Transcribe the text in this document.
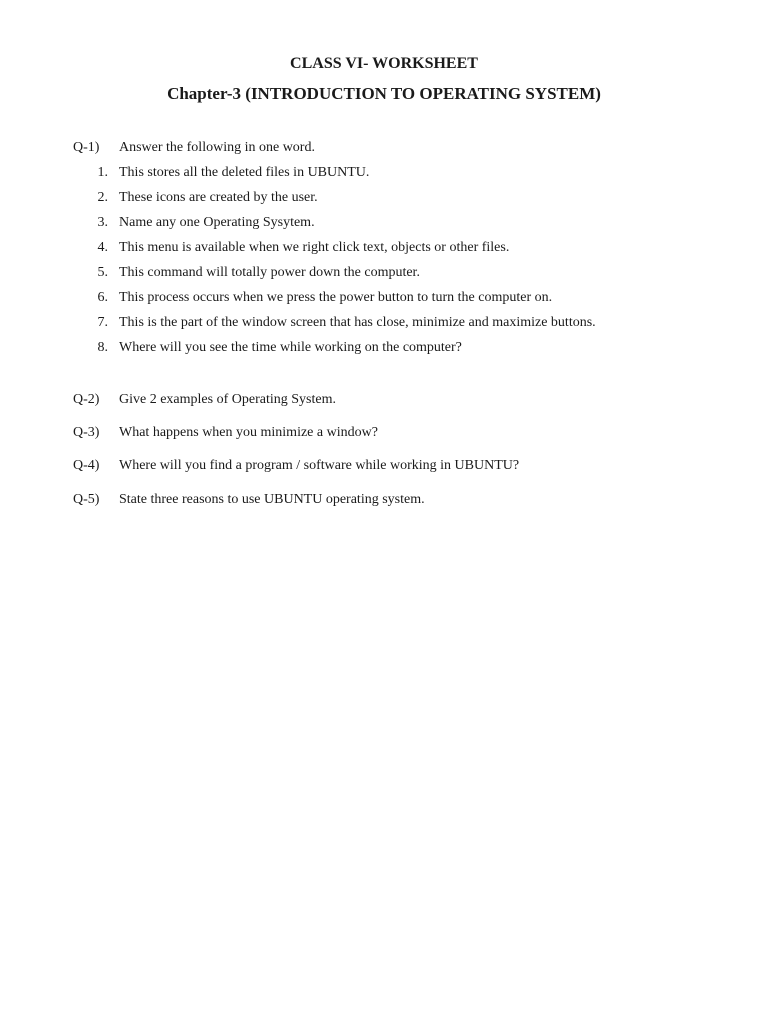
CLASS VI- WORKSHEET
Chapter-3 (INTRODUCTION TO OPERATING SYSTEM)
Q-1) Answer the following in one word.
1. This stores all the deleted files in UBUNTU.
2. These icons are created by the user.
3. Name any one Operating Sysytem.
4. This menu is available when we right click text, objects or other files.
5. This command will totally power down the computer.
6. This process occurs when we press the power button to turn the computer on.
7. This is the part of the window screen that has close, minimize and maximize buttons.
8. Where will you see the time while working on the computer?
Q-2) Give 2 examples of Operating System.
Q-3) What happens when you minimize a window?
Q-4) Where will you find a program / software while working in UBUNTU?
Q-5) State three reasons to use UBUNTU operating system.
